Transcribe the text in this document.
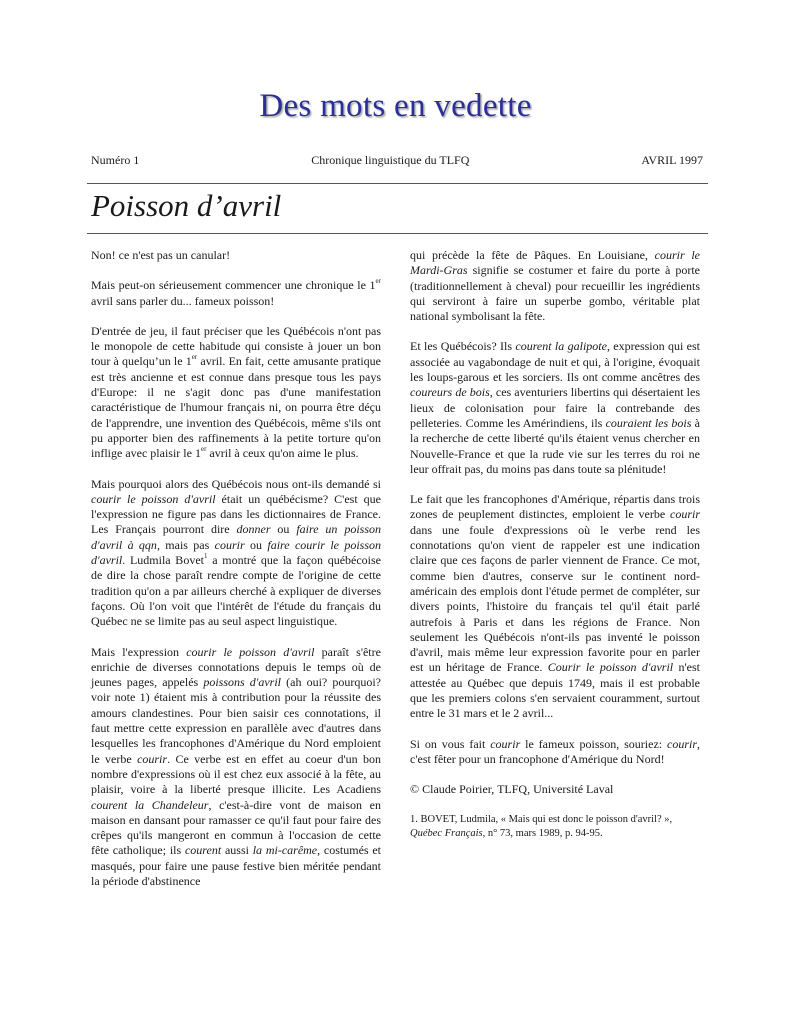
Des mots en vedette
Numéro 1	Chronique linguistique du TLFQ	AVRIL 1997
Poisson d’avril

Non! ce n'est pas un canular!

Mais peut-on sérieusement commencer une chronique le 1er avril sans parler du... fameux poisson!

D'entrée de jeu, il faut préciser que les Québécois n'ont pas le monopole de cette habitude qui consiste à jouer un bon tour à quelqu’un le 1er avril. En fait, cette amusante pratique est très ancienne et est connue dans presque tous les pays d'Europe: il ne s'agit donc pas d'une manifestation caractéristique de l'humour français ni, on pourra être déçu de l'apprendre, une invention des Québécois, même s'ils ont pu apporter bien des raffinements à la petite torture qu'on inflige avec plaisir le 1er avril à ceux qu'on aime le plus.

Mais pourquoi alors des Québécois nous ont-ils demandé si courir le poisson d'avril était un québécisme? C'est que l'expression ne figure pas dans les dictionnaires de France. Les Français pourront dire donner ou faire un poisson d'avril à qqn, mais pas courir ou faire courir le poisson d'avril. Ludmila Bovet$^1$ a montré que la façon québécoise de dire la chose paraît rendre compte de l'origine de cette tradition qu'on a par ailleurs cherché à expliquer de diverses façons. Où l'on voit que l'intérêt de l'étude du français du Québec ne se limite pas au seul aspect linguistique.

Mais l'expression courir le poisson d'avril paraît s'être enrichie de diverses connotations depuis le temps où de jeunes pages, appelés poissons d'avril (ah oui? pourquoi? voir note 1) étaient mis à contribution pour la réussite des amours clandestines. Pour bien saisir ces connotations, il faut mettre cette expression en parallèle avec d'autres dans lesquelles les francophones d'Amérique du Nord emploient le verbe courir. Ce verbe est en effet au coeur d'un bon nombre d'expressions où il est chez eux associé à la fête, au plaisir, voire à la liberté presque illicite. Les Acadiens courent la Chandeleur, c'est-à-dire vont de maison en maison en dansant pour ramasser ce qu'il faut pour faire des crêpes qu'ils mangeront en commun à l'occasion de cette fête catholique; ils courent aussi la mi-carême, costumés et masqués, pour faire une pause festive bien méritée pendant la période d'abstinence

qui précède la fête de Pâques. En Louisiane, courir le Mardi-Gras signifie se costumer et faire du porte à porte (traditionnellement à cheval) pour recueillir les ingrédients qui serviront à faire un superbe gombo, véritable plat national symbolisant la fête.

Et les Québécois? Ils courent la galipote, expression qui est associée au vagabondage de nuit et qui, à l'origine, évoquait les loups-garous et les sorciers. Ils ont comme ancêtres des coureurs de bois, ces aventuriers libertins qui désertaient les lieux de colonisation pour faire la contrebande des pelleteries. Comme les Amérindiens, ils couraient les bois à la recherche de cette liberté qu'ils étaient venus chercher en Nouvelle-France et que la rude vie sur les terres du roi ne leur offrait pas, du moins pas dans toute sa plénitude!

Le fait que les francophones d'Amérique, répartis dans trois zones de peuplement distinctes, emploient le verbe courir dans une foule d'expressions où le verbe rend les connotations qu'on vient de rappeler est une indication claire que ces façons de parler viennent de France. Ce mot, comme bien d'autres, conserve sur le continent nord-américain des emplois dont l'étude permet de compléter, sur divers points, l'histoire du français tel qu'il était parlé autrefois à Paris et dans les régions de France. Non seulement les Québécois n'ont-ils pas inventé le poisson d'avril, mais même leur expression favorite pour en parler est un héritage de France. Courir le poisson d'avril n'est attestée au Québec que depuis 1749, mais il est probable que les premiers colons s'en servaient couramment, surtout entre le 31 mars et le 2 avril...

Si on vous fait courir le fameux poisson, souriez: courir, c'est fêter pour un francophone d'Amérique du Nord!

© Claude Poirier, TLFQ, Université Laval

1. BOVET, Ludmila, « Mais qui est donc le poisson d'avril? »,
Québec Français, n° 73, mars 1989, p. 94-95.
